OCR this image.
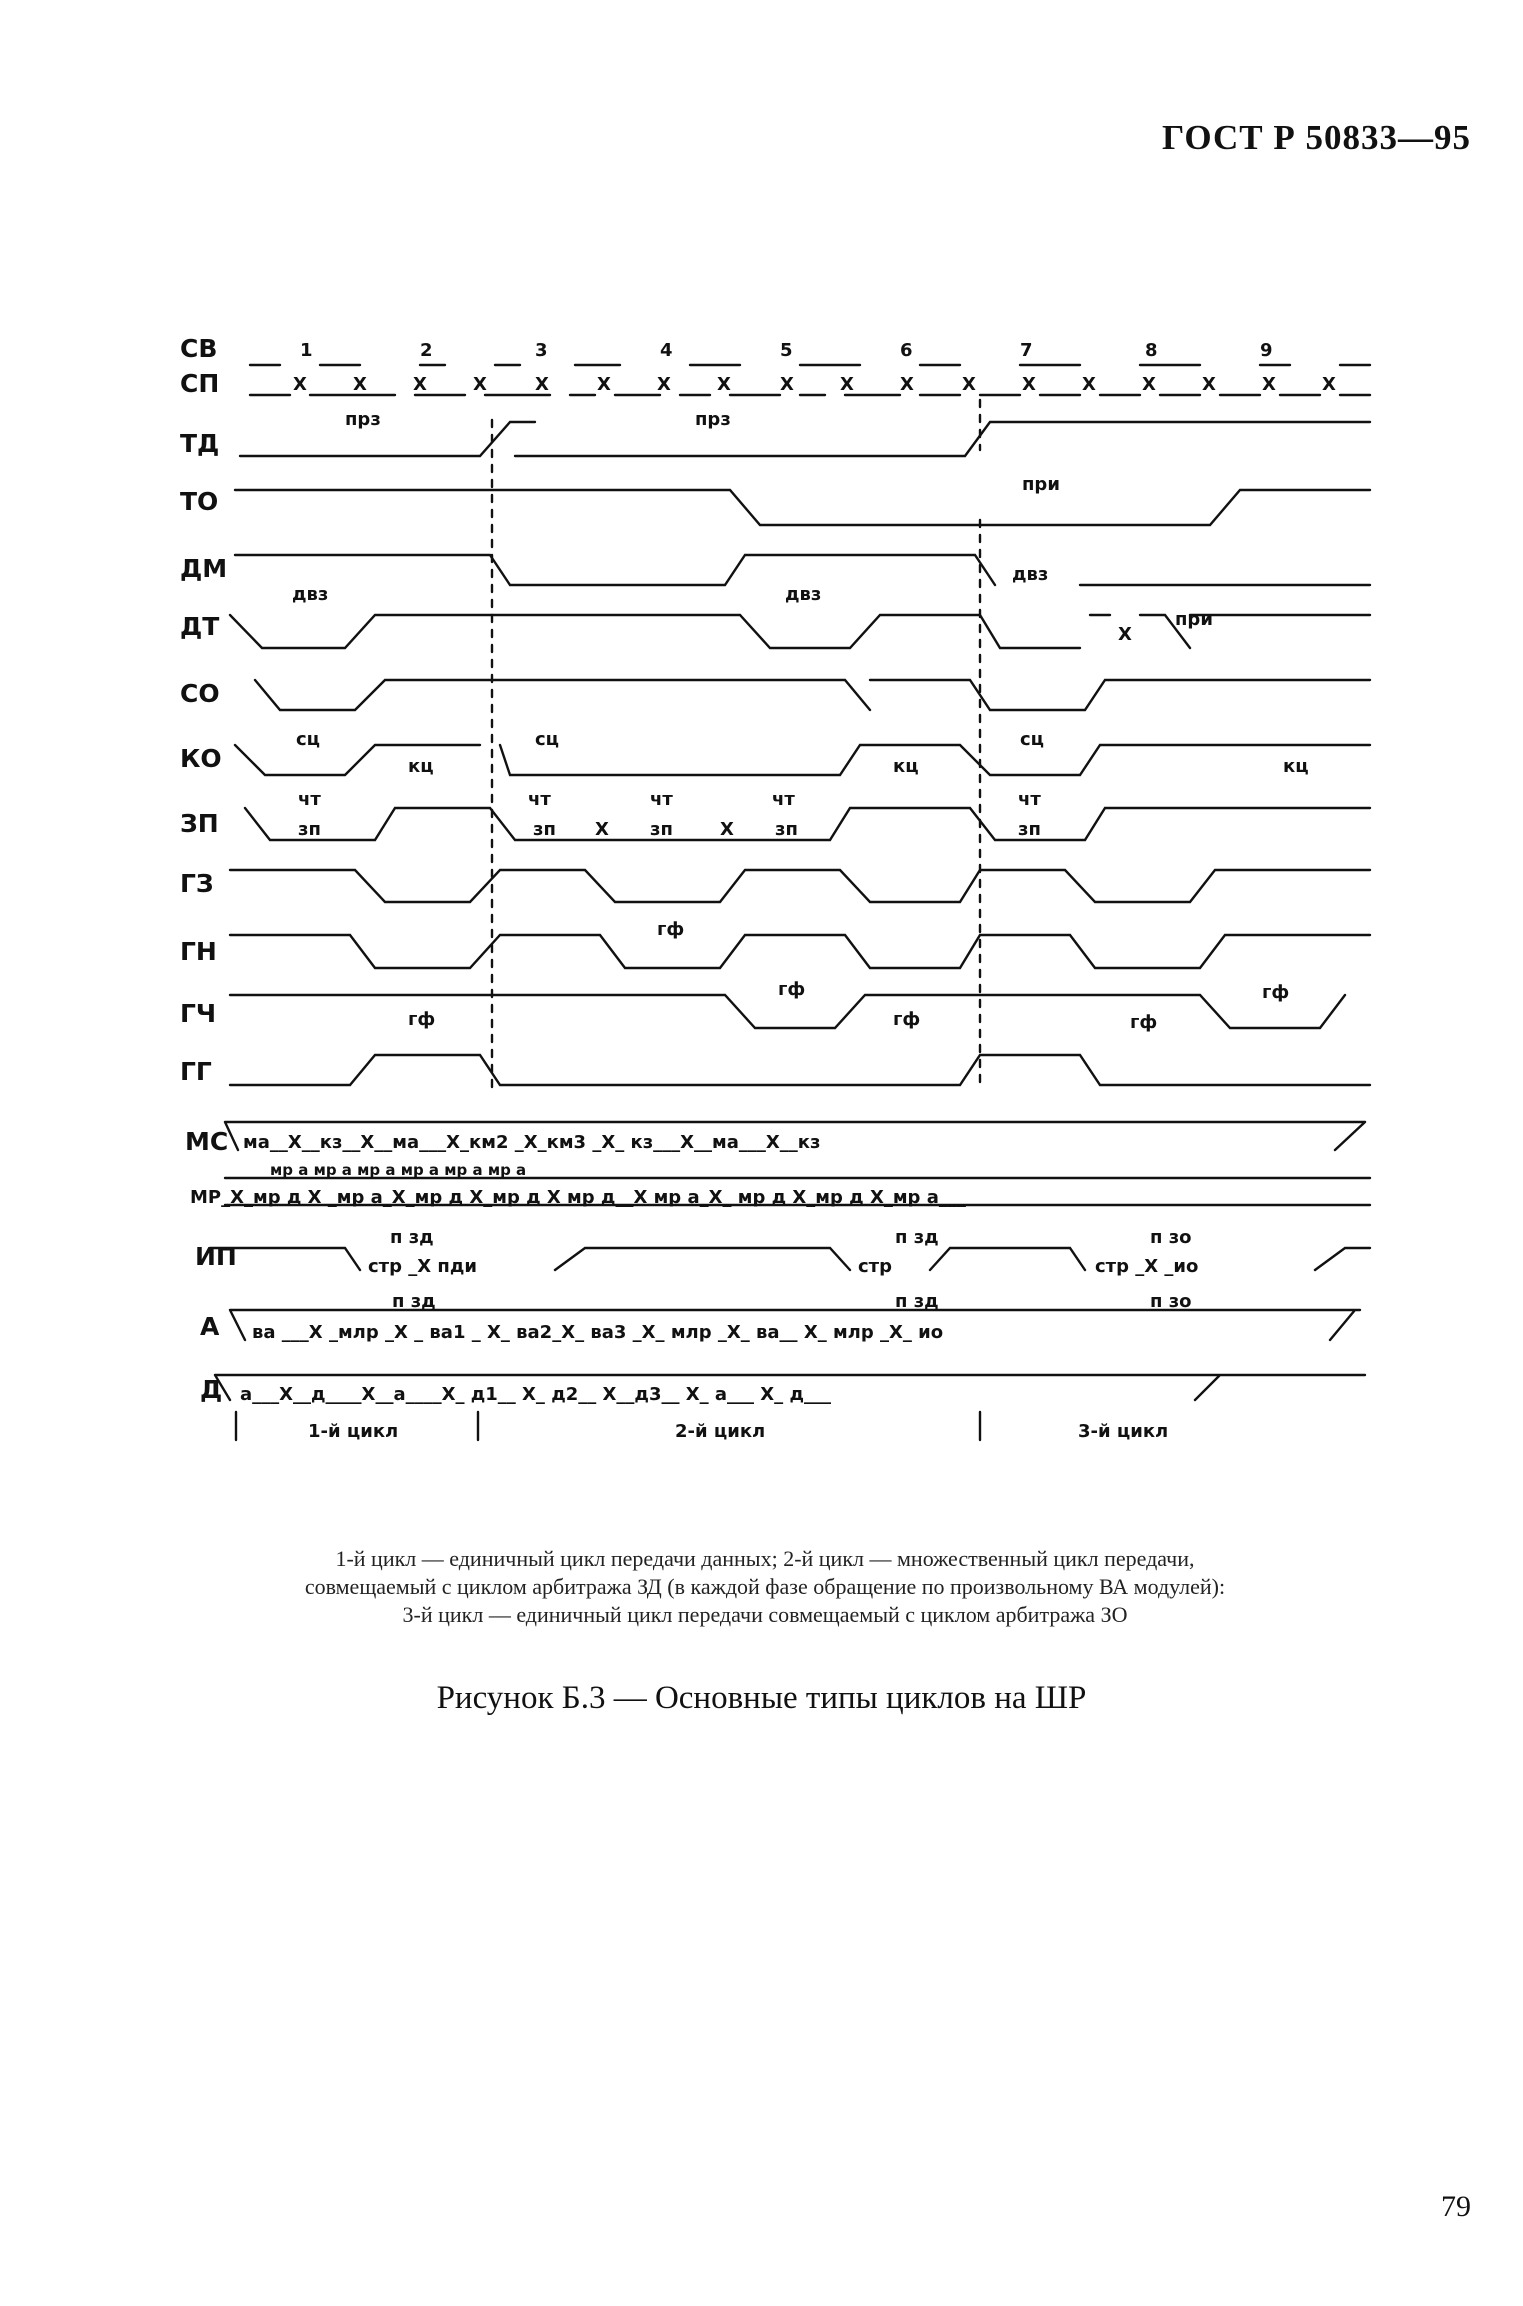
ГОСТ Р 50833—95
1	2	3	4	5	6	7	8	9
СВ
СП
ТД
ТО
ДМ
ДТ
СО
КО
ЗП
ГЗ
ГН
ГЧ
ГГ
МС
ИП
А
Д
X	X	X	X	X	X	X	X	X	X	X	X	X	X	X	X	X	X
прз	прз
при
двз	двз
двз
X
при
сц	сц	сц
кц	кц	кц
чт	чт	чт	чт	чт
зп	зп X зп	X зп	зп
гф
гф	гф
гф	гф	гф
ма__X__кз__X__ма___X_км2 _X_км3 _X_ кз___X__ма___X__кз
мр а мр а мр а мр а мр а мр а
МР_X_мр д X _мр а_X_мр д X_мр д X мр д__X мр а_X_ мр д X_мр д X_мр а___
п зд	п зд	п зо
стр _X пди	стр	стр _X _ио
п зд	п зд	п зо
ва ___X _млр _X _ ва1 _ X_ ва2_X_ ва3 _X_ млр _X_ ва__ X_ млр _X_ ио
а___X__д____X__а____X_ д1__ X_ д2__ X__д3__ X_ а___ X_ д___
1-й цикл	2-й цикл	3-й цикл
1-й цикл — единичный цикл передачи данных; 2-й цикл — множественный цикл передачи,
совмещаемый с циклом арбитража ЗД (в каждой фазе обращение по произвольному ВА модулей):
3-й цикл — единичный цикл передачи совмещаемый с циклом арбитража ЗО
Рисунок Б.3 — Основные типы циклов на ШР
79
